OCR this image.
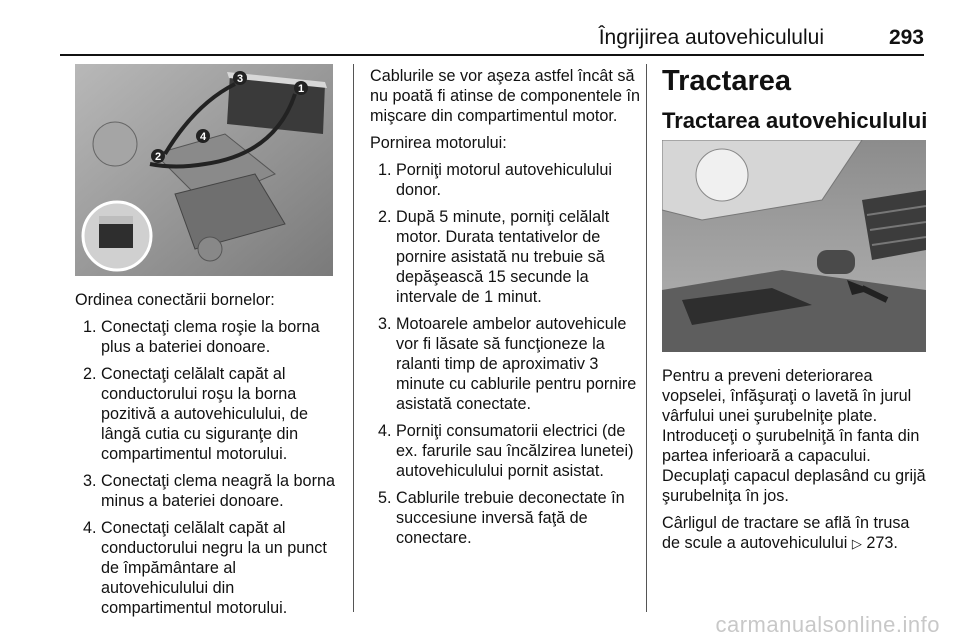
Îngrijirea autovehiculului	293
3
1
2
4

Ordinea conectării bornelor:

1. Conectaţi clema roşie la borna plus a bateriei donoare.
2. Conectaţi celălalt capăt al conductorului roşu la borna pozitivă a autovehiculului, de lângă cutia cu siguranţe din compartimentul motorului.
3. Conectaţi clema neagră la borna minus a bateriei donoare.
4. Conectaţi celălalt capăt al conductorului negru la un punct de împământare al autovehiculului din compartimentul motorului.

Cablurile se vor aşeza astfel încât să nu poată fi atinse de componentele în mişcare din compartimentul motor.

Pornirea motorului:

1. Porniţi motorul autovehiculului donor.
2. După 5 minute, porniţi celălalt motor. Durata tentativelor de pornire asistată nu trebuie să depăşească 15 secunde la intervale de 1 minut.
3. Motoarele ambelor autovehicule vor fi lăsate să funcţioneze la ralanti timp de aproximativ 3 minute cu cablurile pentru pornire asistată conectate.
4. Porniţi consumatorii electrici (de ex. farurile sau încălzirea lunetei) autovehiculului pornit asistat.
5. Cablurile trebuie deconectate în succesiune inversă faţă de conectare.
Tractarea
Tractarea autovehiculului

Pentru a preveni deteriorarea vopselei, înfăşuraţi o lavetă în jurul vârfului unei şurubelniţe plate. Introduceţi o şurubelniţă în fanta din partea inferioară a capacului. Decuplaţi capacul deplasând cu grijă şurubelniţa în jos.

Cârligul de tractare se află în trusa de scule a autovehiculului ▷ 273.

carmanualsonline.info
